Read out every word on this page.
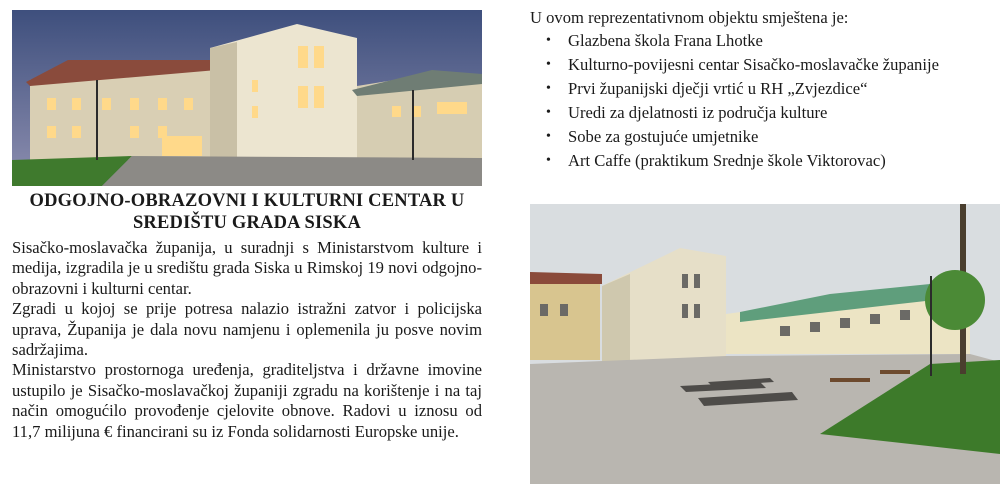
ODGOJNO-OBRAZOVNI I KULTURNI CENTAR U SREDIŠTU GRADA SISKA

Sisačko-moslavačka županija, u suradnji s Ministarstvom kulture i medija, izgradila je u središtu grada Siska u Rimskoj 19 novi odgojno-obrazovni i kulturni centar.

Zgradi u kojoj se prije potresa nalazio istražni zatvor i policijska uprava, Županija je dala novu namjenu i oplemenila ju posve novim sadržajima.

Ministarstvo prostornoga uređenja, graditeljstva i državne imovine ustupilo je Sisačko-moslavačkoj županiji zgradu na korištenje i na taj način omogućilo provođenje cjelovite obnove. Radovi u iznosu od 11,7 milijuna € financirani su iz Fonda solidarnosti Europske unije.

U ovom reprezentativnom objektu smještena je:

• Glazbena škola Frana Lhotke
• Kulturno-povijesni centar Sisačko-moslavačke županije
• Prvi županijski dječji vrtić u RH „Zvjezdice“
• Uredi za djelatnosti iz područja kulture
• Sobe za gostujuće umjetnike
• Art Caffe (praktikum Srednje škole Viktorovac)
